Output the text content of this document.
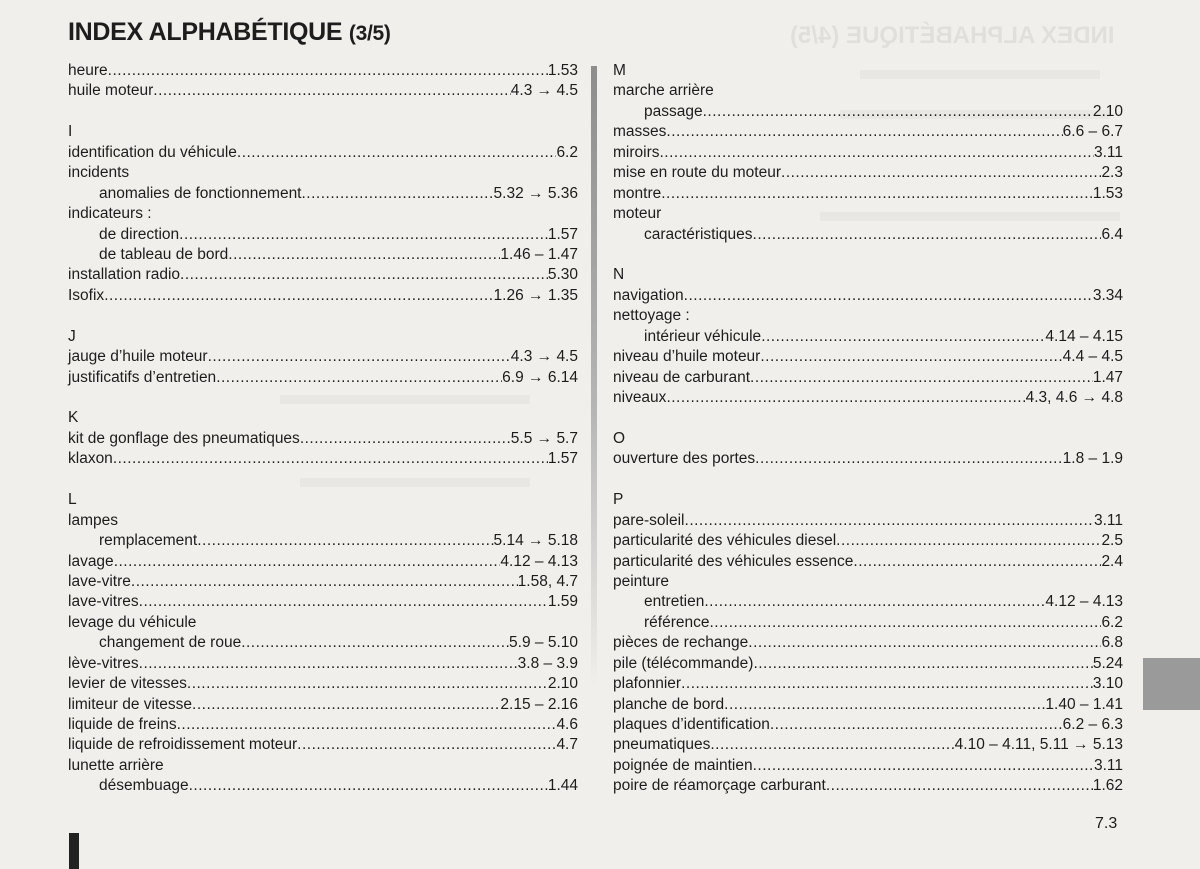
INDEX ALPHABÉTIQUE (4/5)
INDEX ALPHABÉTIQUE (3/5)
heure .....	1.53
huile moteur .....	4.3 → 4.5
I
identification du véhicule .....	6.2
incidents
anomalies de fonctionnement .....	5.32 → 5.36
indicateurs :
de direction .....	1.57
de tableau de bord .....	1.46 – 1.47
installation radio .....	5.30
Isofix .....	1.26 → 1.35
J
jauge d’huile moteur .....	4.3 → 4.5
justificatifs d’entretien .....	6.9 → 6.14
K
kit de gonflage des pneumatiques .....	5.5 → 5.7
klaxon .....	1.57
L
lampes
remplacement .....	5.14 → 5.18
lavage .....	4.12 – 4.13
lave-vitre .....	1.58, 4.7
lave-vitres .....	1.59
levage du véhicule
changement de roue .....	5.9 – 5.10
lève-vitres .....	3.8 – 3.9
levier de vitesses .....	2.10
limiteur de vitesse .....	2.15 – 2.16
liquide de freins .....	4.6
liquide de refroidissement moteur .....	4.7
lunette arrière
désembuage .....	1.44
M
marche arrière
passage .....	2.10
masses .....	6.6 – 6.7
miroirs .....	3.11
mise en route du moteur .....	2.3
montre .....	1.53
moteur
caractéristiques .....	6.4
N
navigation .....	3.34
nettoyage :
intérieur véhicule .....	4.14 – 4.15
niveau d’huile moteur .....	4.4 – 4.5
niveau de carburant .....	1.47
niveaux .....	4.3, 4.6 → 4.8
O
ouverture des portes .....	1.8 – 1.9
P
pare-soleil .....	3.11
particularité des véhicules diesel .....	2.5
particularité des véhicules essence .....	2.4
peinture
entretien .....	4.12 – 4.13
référence .....	6.2
pièces de rechange .....	6.8
pile (télécommande) .....	5.24
plafonnier .....	3.10
planche de bord .....	1.40 – 1.41
plaques d’identification .....	6.2 – 6.3
pneumatiques .....	4.10 – 4.11, 5.11 → 5.13
poignée de maintien .....	3.11
poire de réamorçage carburant .....	1.62
7.3
